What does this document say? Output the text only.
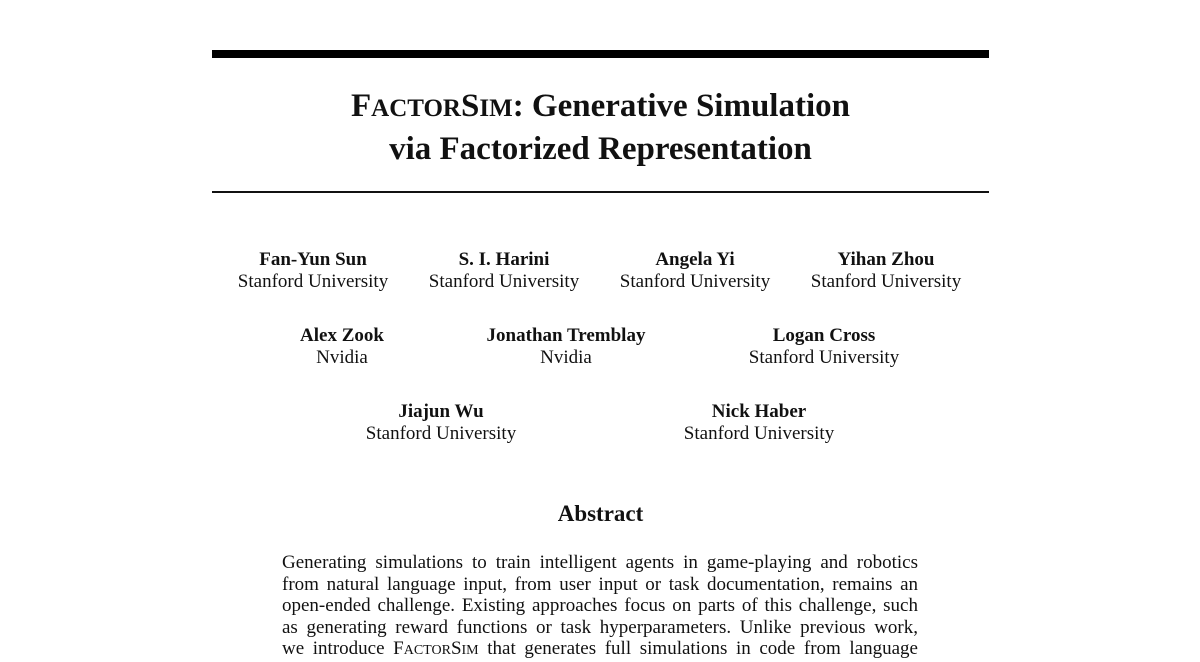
FACTORSIM: Generative Simulation
via Factorized Representation
Fan-Yun Sun
Stanford University
S. I. Harini
Stanford University
Angela Yi
Stanford University
Yihan Zhou
Stanford University
Alex Zook
Nvidia
Jonathan Tremblay
Nvidia
Logan Cross
Stanford University
Jiajun Wu
Stanford University
Nick Haber
Stanford University
Abstract
Generating simulations to train intelligent agents in game-playing and robotics
from natural language input, from user input or task documentation, remains an
open-ended challenge. Existing approaches focus on parts of this challenge, such
as generating reward functions or task hyperparameters. Unlike previous work,
we introduce FACTORSIM that generates full simulations in code from language
